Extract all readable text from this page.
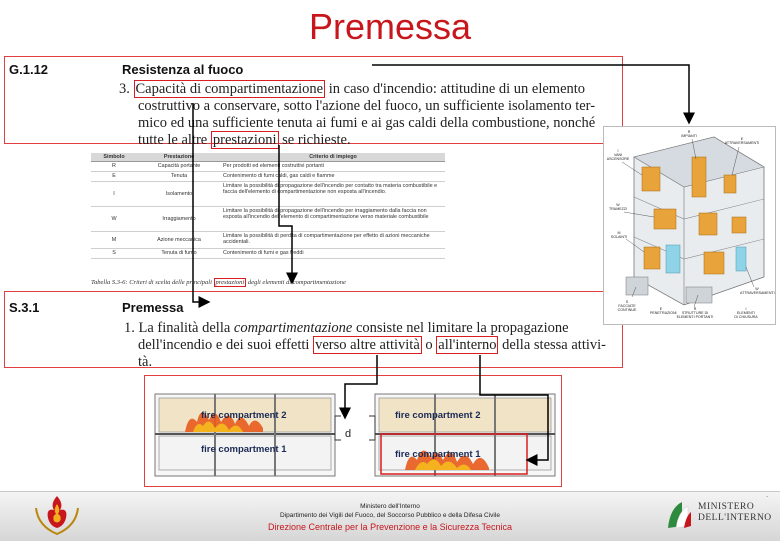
Premessa
G.1.12	Resistenza al fuoco
3. Capacità di compartimentazione in caso d'incendio: attitudine di un elemento
costruttivo a conservare, sotto l'azione del fuoco, un sufficiente isolamento ter-
mico ed una sufficiente tenuta ai fumi e ai gas caldi della combustione, nonché
tutte le altre prestazioni se richieste.
Simbolo	Prestazione	Criterio di impiego
R	Capacità portante	Per prodotti ed elementi costruttivi portanti
E	Tenuta	Contenimento di fumi caldi, gas caldi e fiamme
I	Isolamento	Limitare la possibilità di propagazione dell'incendio per contatto tra materia combustibile e faccia dell'elemento di compartimentazione non esposta all'incendio.
W	Irraggiamento	Limitare la possibilità di propagazione dell'incendio per irraggiamento dalla faccia non esposta all'incendio dell'elemento di compartimentazione verso materiale combustibile
M	Azione meccanica	Limitare la possibilità di perdita di compartimentazione per effetto di azioni meccaniche accidentali.
S	Tenuta di fumo	Contenimento di fumi e gas freddi
Tabella S.3-6: Criteri di scelta delle principali prestazioni degli elementi di compartimentazione
S.3.1	Premessa
1. La finalità della compartimentazione consiste nel limitare la propagazione
dell'incendio e dei suoi effetti verso altre attività o all'interno della stessa attivi-
tà.
R
IMPIANTI
E
ATTRAVERSAMENTI
I
VANI
ASCENSORE
W
TRAMEZZI
M
SOLAINTI
W
ATTRAVERSAMENTI
S
FACCIATE
CONTINUE	R
STRUTTURE DI
ELEMENTI PORTANTI
E
PENETRAZIONI
I
ELEMENTI
DI CHIUSURA
fire compartment 2
fire compartment 1
fire compartment 2
fire compartment 1
d
Ministero dell'Interno
Dipartimento dei Vigili del Fuoco, del Soccorso Pubblico e della Difesa Civile
Direzione Centrale per la Prevenzione e la Sicurezza Tecnica
MINISTERO
DELL'INTERNO
.
